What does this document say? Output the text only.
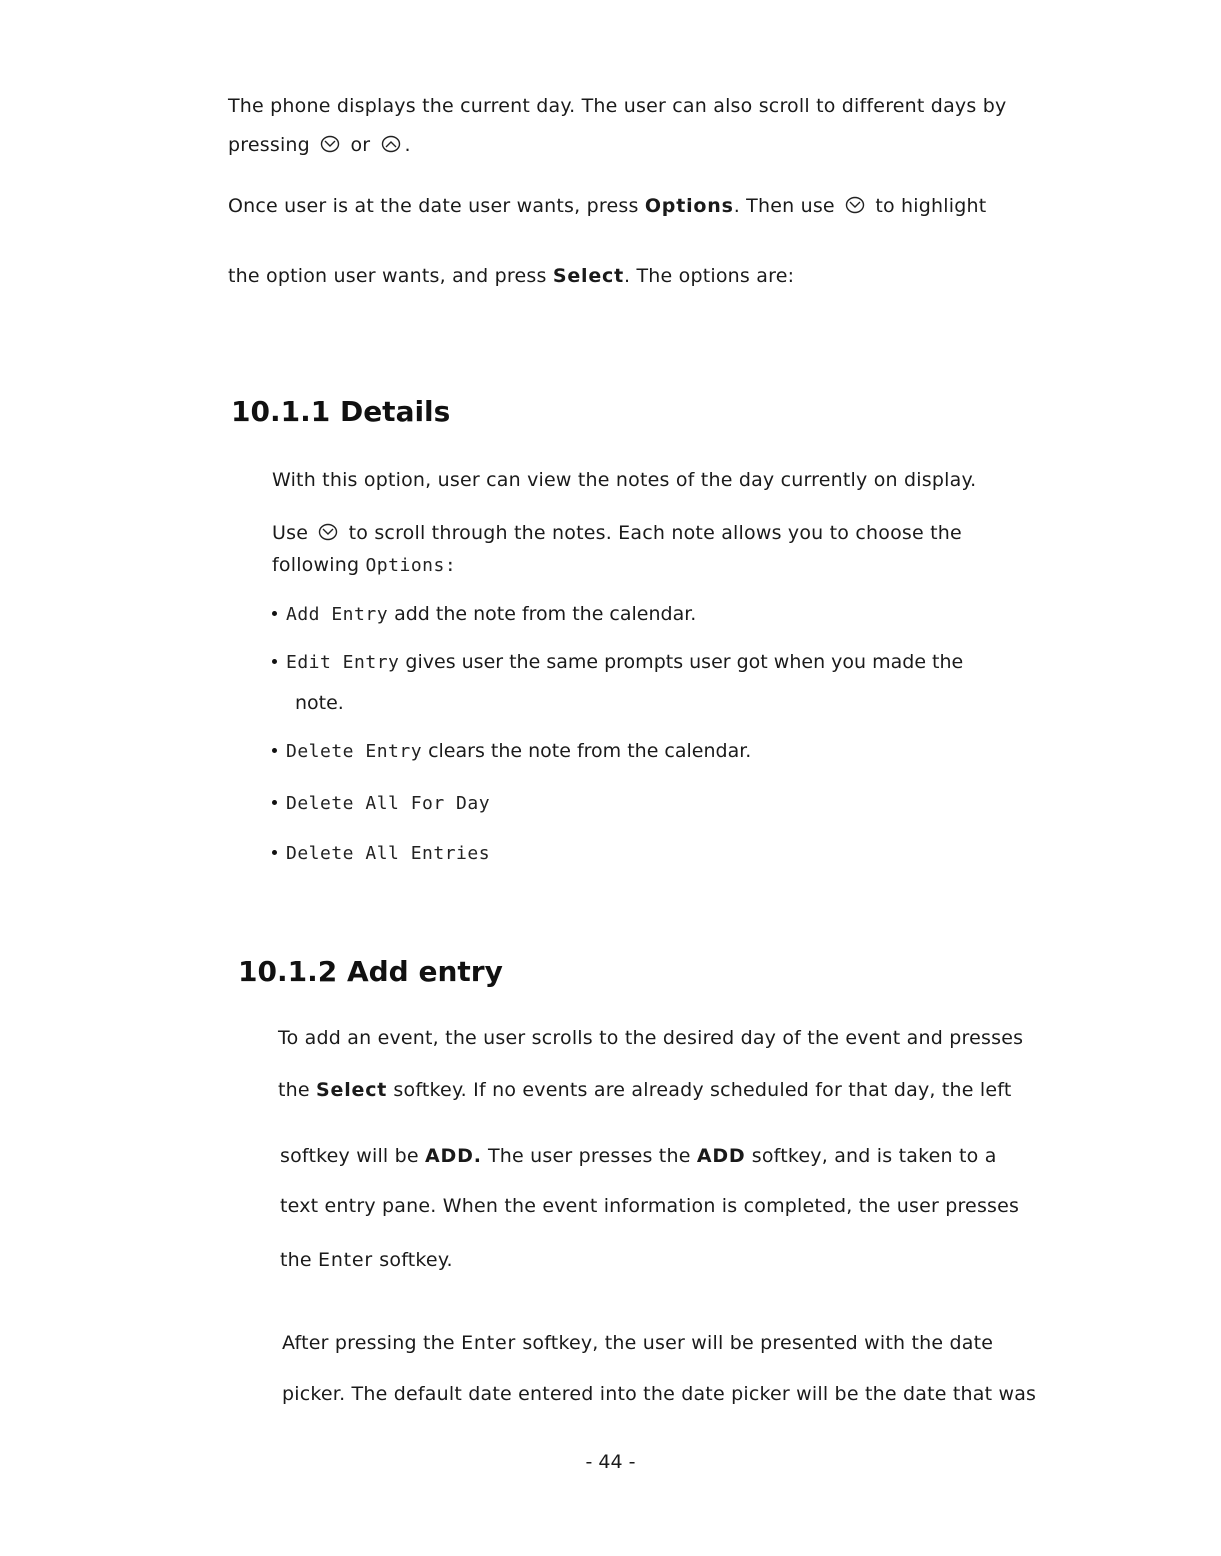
The phone displays the current day. The user can also scroll to different days by
pressing or .
Once user is at the date user wants, press Options. Then use to highlight
the option user wants, and press Select. The options are:
10.1.1 Details
With this option, user can view the notes of the day currently on display.
Use to scroll through the notes. Each note allows you to choose the
following Options:
Add Entry add the note from the calendar.
Edit Entry gives user the same prompts user got when you made the
note.
Delete Entry clears the note from the calendar.
Delete All For Day
Delete All Entries
10.1.2 Add entry
To add an event, the user scrolls to the desired day of the event and presses
the Select softkey. If no events are already scheduled for that day, the left
softkey will be ADD. The user presses the ADD softkey, and is taken to a
text entry pane. When the event information is completed, the user presses
the Enter softkey.
After pressing the Enter softkey, the user will be presented with the date
picker. The default date entered into the date picker will be the date that was
- 44 -
